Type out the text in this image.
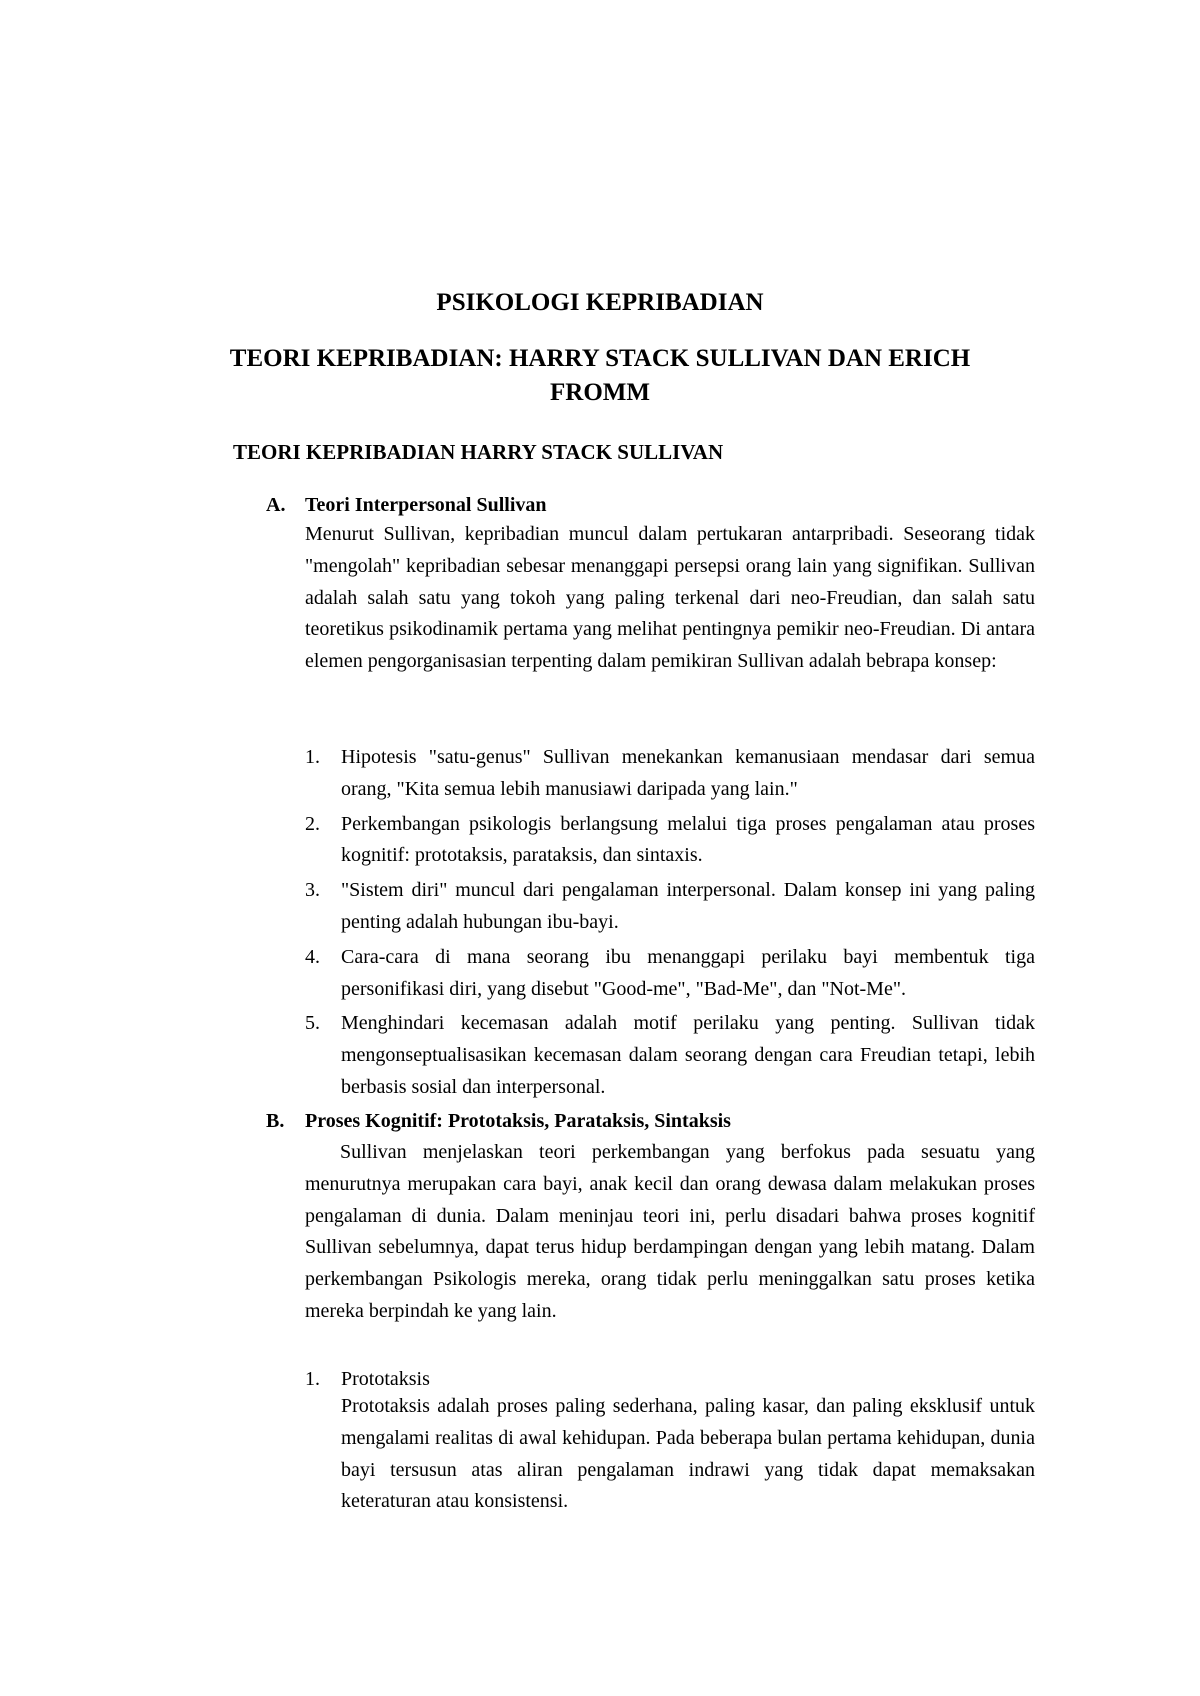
PSIKOLOGI KEPRIBADIAN
TEORI KEPRIBADIAN: HARRY STACK SULLIVAN DAN ERICH FROMM
TEORI KEPRIBADIAN HARRY STACK SULLIVAN
A. Teori Interpersonal Sullivan
Menurut Sullivan, kepribadian muncul dalam pertukaran antarpribadi. Seseorang tidak "mengolah" kepribadian sebesar menanggapi persepsi orang lain yang signifikan. Sullivan adalah salah satu yang tokoh yang paling terkenal dari neo-Freudian, dan salah satu teoretikus psikodinamik pertama yang melihat pentingnya pemikir neo-Freudian. Di antara elemen pengorganisasian terpenting dalam pemikiran Sullivan adalah bebrapa konsep:
1. Hipotesis "satu-genus" Sullivan menekankan kemanusiaan mendasar dari semua orang, "Kita semua lebih manusiawi daripada yang lain."
2. Perkembangan psikologis berlangsung melalui tiga proses pengalaman atau proses kognitif: prototaksis, parataksis, dan sintaxis.
3. "Sistem diri" muncul dari pengalaman interpersonal. Dalam konsep ini yang paling penting adalah hubungan ibu-bayi.
4. Cara-cara di mana seorang ibu menanggapi perilaku bayi membentuk tiga personifikasi diri, yang disebut "Good-me", "Bad-Me", dan "Not-Me".
5. Menghindari kecemasan adalah motif perilaku yang penting. Sullivan tidak mengonseptualisasikan kecemasan dalam seorang dengan cara Freudian tetapi, lebih berbasis sosial dan interpersonal.
B. Proses Kognitif: Prototaksis, Parataksis, Sintaksis
Sullivan menjelaskan teori perkembangan yang berfokus pada sesuatu yang menurutnya merupakan cara bayi, anak kecil dan orang dewasa dalam melakukan proses pengalaman di dunia. Dalam meninjau teori ini, perlu disadari bahwa proses kognitif Sullivan sebelumnya, dapat terus hidup berdampingan dengan yang lebih matang. Dalam perkembangan Psikologis mereka, orang tidak perlu meninggalkan satu proses ketika mereka berpindah ke yang lain.
1. Prototaksis
Prototaksis adalah proses paling sederhana, paling kasar, dan paling eksklusif untuk mengalami realitas di awal kehidupan. Pada beberapa bulan pertama kehidupan, dunia bayi tersusun atas aliran pengalaman indrawi yang tidak dapat memaksakan keteraturan atau konsistensi.
